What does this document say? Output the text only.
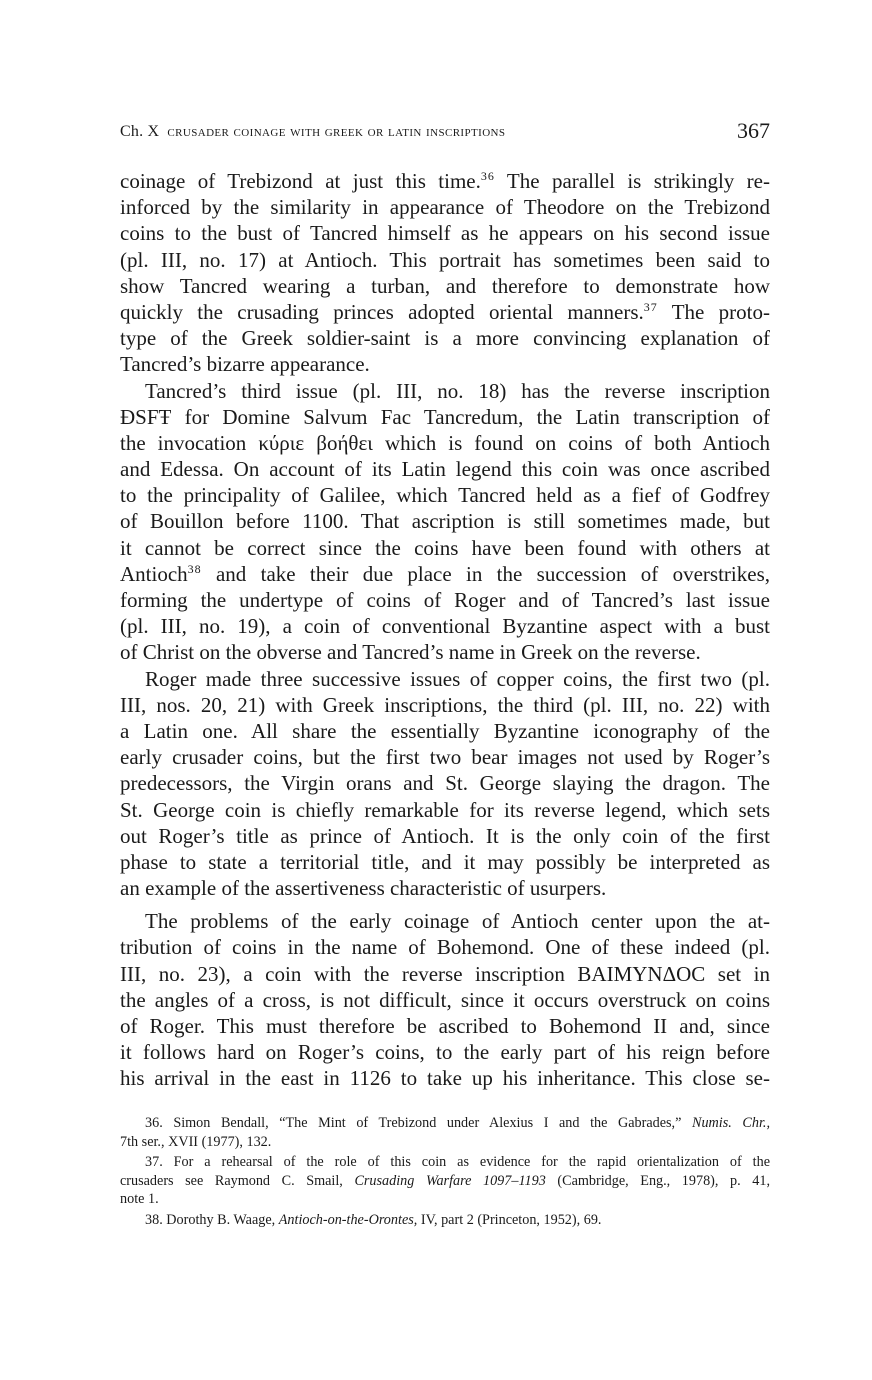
Ch. X crusader coinage with greek or latin inscriptions	367
coinage of Trebizond at just this time.$^{36}$ The parallel is strikingly re-
inforced by the similarity in appearance of Theodore on the Trebizond
coins to the bust of Tancred himself as he appears on his second issue
(pl. III, no. 17) at Antioch. This portrait has sometimes been said to
show Tancred wearing a turban, and therefore to demonstrate how
quickly the crusading princes adopted oriental manners.$^{37}$ The proto-
type of the Greek soldier-saint is a more convincing explanation of
Tancred’s bizarre appearance.
Tancred’s third issue (pl. III, no. 18) has the reverse inscription
ĐSFŦ for Domine Salvum Fac Tancredum, the Latin transcription of
the invocation κύριε βοήθει which is found on coins of both Antioch
and Edessa. On account of its Latin legend this coin was once ascribed
to the principality of Galilee, which Tancred held as a fief of Godfrey
of Bouillon before 1100. That ascription is still sometimes made, but
it cannot be correct since the coins have been found with others at
Antioch$^{38}$ and take their due place in the succession of overstrikes,
forming the undertype of coins of Roger and of Tancred’s last issue
(pl. III, no. 19), a coin of conventional Byzantine aspect with a bust
of Christ on the obverse and Tancred’s name in Greek on the reverse.
Roger made three successive issues of copper coins, the first two (pl.
III, nos. 20, 21) with Greek inscriptions, the third (pl. III, no. 22) with
a Latin one. All share the essentially Byzantine iconography of the
early crusader coins, but the first two bear images not used by Roger’s
predecessors, the Virgin orans and St. George slaying the dragon. The
St. George coin is chiefly remarkable for its reverse legend, which sets
out Roger’s title as prince of Antioch. It is the only coin of the first
phase to state a territorial title, and it may possibly be interpreted as
an example of the assertiveness characteristic of usurpers.
The problems of the early coinage of Antioch center upon the at-
tribution of coins in the name of Bohemond. One of these indeed (pl.
III, no. 23), a coin with the reverse inscription BAIMYNΔOC set in
the angles of a cross, is not difficult, since it occurs overstruck on coins
of Roger. This must therefore be ascribed to Bohemond II and, since
it follows hard on Roger’s coins, to the early part of his reign before
his arrival in the east in 1126 to take up his inheritance. This close se-
36. Simon Bendall, “The Mint of Trebizond under Alexius I and the Gabrades,” Numis. Chr.,
7th ser., XVII (1977), 132.
37. For a rehearsal of the role of this coin as evidence for the rapid orientalization of the
crusaders see Raymond C. Smail, Crusading Warfare 1097–1193 (Cambridge, Eng., 1978), p. 41,
note 1.
38. Dorothy B. Waage, Antioch-on-the-Orontes, IV, part 2 (Princeton, 1952), 69.
